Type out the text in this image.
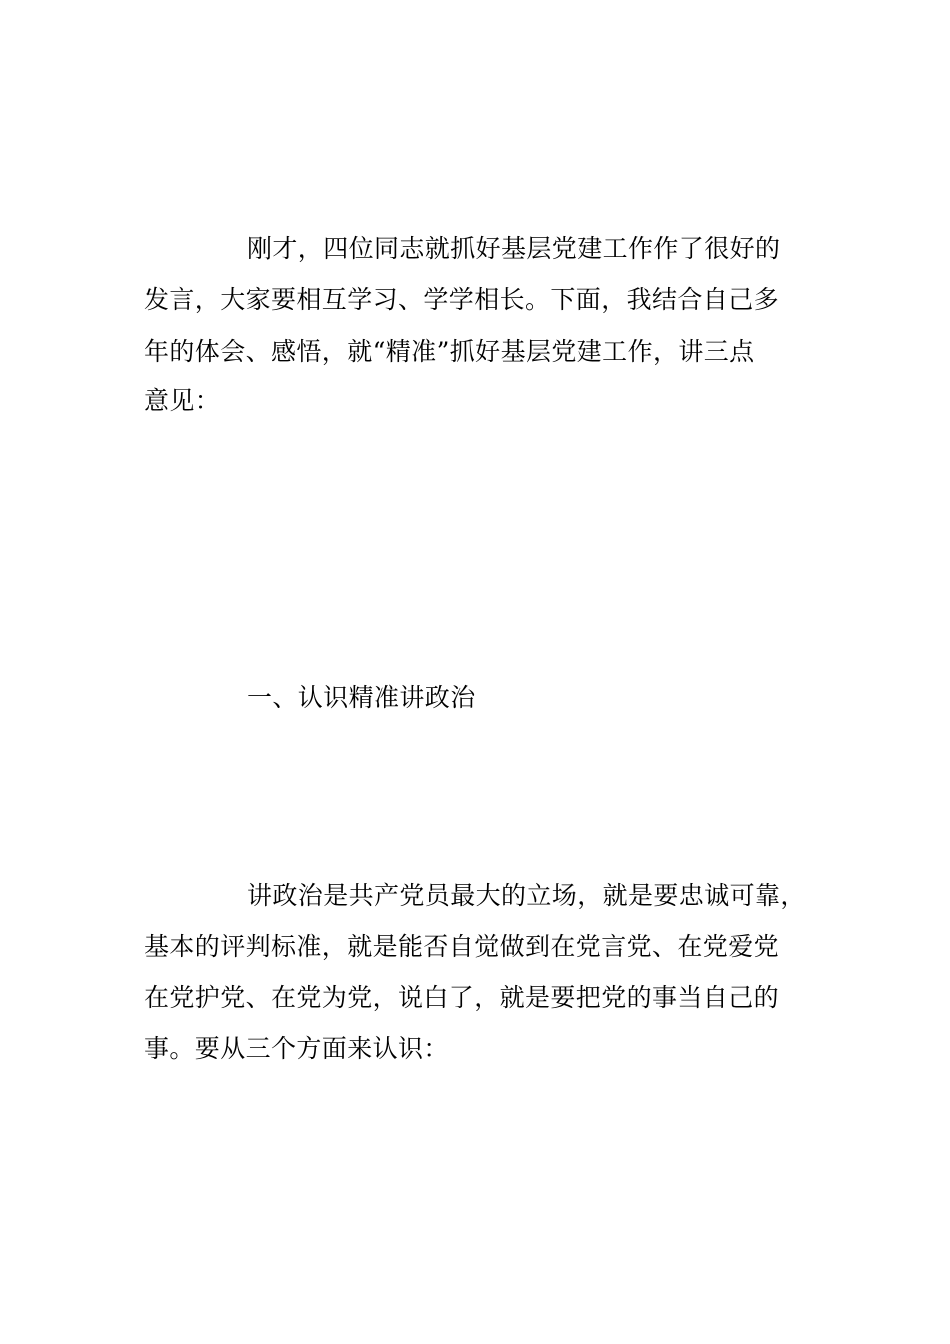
刚才，四位同志就抓好基层党建工作作了很好的
发言，大家要相互学习、学学相长。下面，我结合自己多
年的体会、感悟，就“精准”抓好基层党建工作，讲三点
意见：
一、认识精准讲政治
讲政治是共产党员最大的立场，就是要忠诚可靠，
基本的评判标准，就是能否自觉做到在党言党、在党爱党
在党护党、在党为党，说白了，就是要把党的事当自己的
事。要从三个方面来认识：
